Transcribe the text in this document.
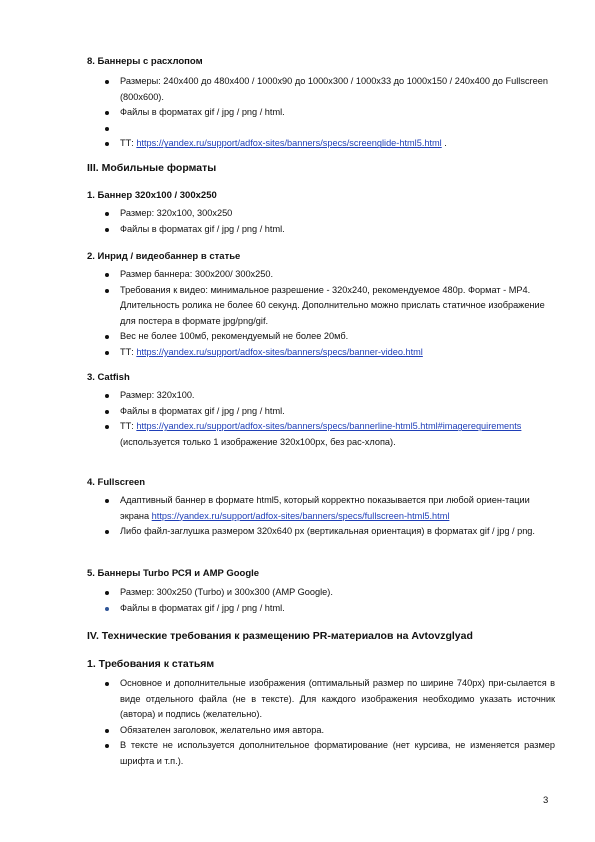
8. Баннеры с расхлопом
Размеры: 240x400 до 480x400 / 1000x90 до 1000x300 / 1000x33 до 1000x150 / 240x400 до Fullscreen (800x600).
Файлы в форматах gif / jpg / png / html.

ТТ: https://yandex.ru/support/adfox-sites/banners/specs/screenglide-html5.html .
III. Мобильные форматы
1. Баннер 320x100 / 300x250
Размер: 320x100, 300x250
Файлы в форматах gif / jpg / png / html.
2. Инрид / видеобаннер в статье
Размер баннера: 300x200/ 300x250.
Требования к видео: минимальное разрешение - 320x240, рекомендуемое 480p. Формат - MP4. Длительность ролика не более 60 секунд. Дополнительно можно прислать статичное изображение для постера в формате jpg/png/gif.
Вес не более 100мб, рекомендуемый не более 20мб.
ТТ: https://yandex.ru/support/adfox-sites/banners/specs/banner-video.html
3. Catfish
Размер: 320x100.
Файлы в форматах gif / jpg / png / html.
ТТ: https://yandex.ru/support/adfox-sites/banners/specs/bannerline-html5.html#imagerequirements (используется только 1 изображение 320x100px, без рас-хлопа).
4. Fullscreen
Адаптивный баннер в формате html5, который корректно показывается при любой ориен-тации экрана https://yandex.ru/support/adfox-sites/banners/specs/fullscreen-html5.html
Либо файл-заглушка размером 320x640 px (вертикальная ориентация) в форматах gif / jpg / png.
5. Баннеры Turbo РСЯ и AMP Google
Размер: 300x250 (Turbo) и 300x300 (AMP Google).
Файлы в форматах gif / jpg / png / html.
IV. Технические требования к размещению PR-материалов на Avtovzglyad
1. Требования к статьям
Основное и дополнительные изображения (оптимальный размер по ширине 740px) при-сылается в виде отдельного файла (не в тексте). Для каждого изображения необходимо указать источник (автора) и подпись (желательно).
Обязателен заголовок, желательно имя автора.
В тексте не используется дополнительное форматирование (нет курсива, не изменяется размер шрифта и т.п.).
3
